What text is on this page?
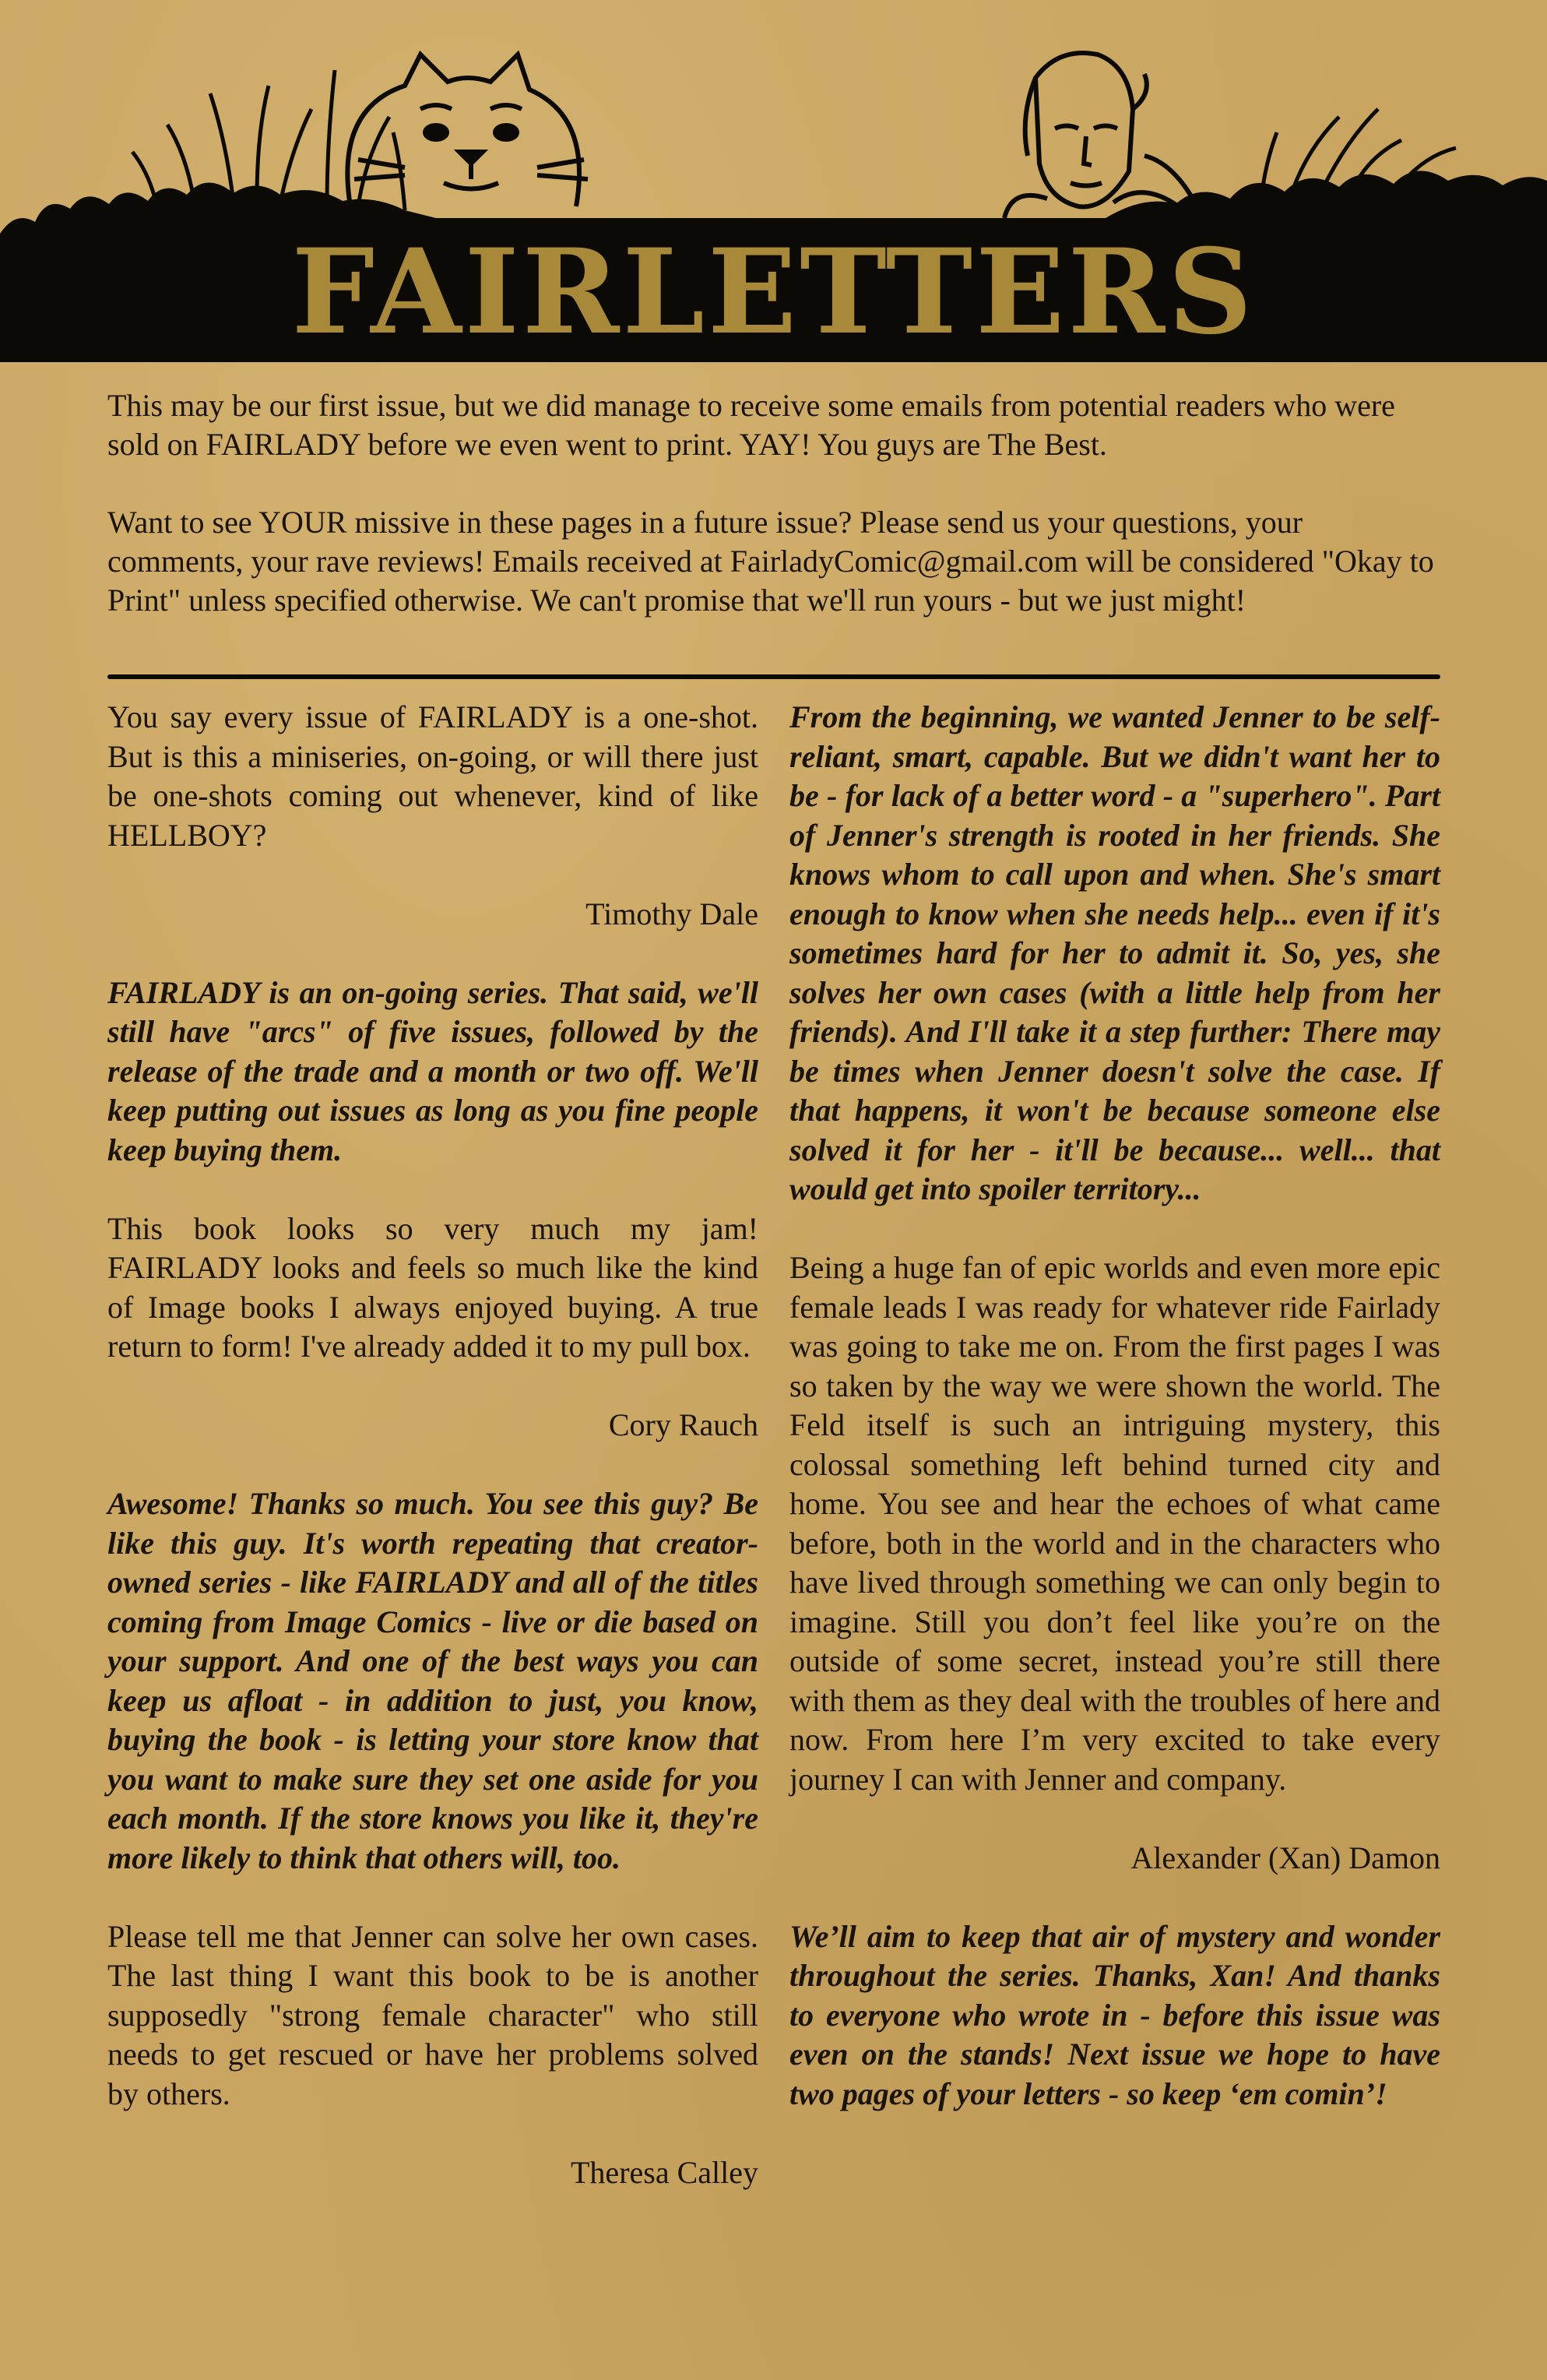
FAIRLETTERS

This may be our first issue, but we did manage to receive some emails from potential readers who were sold on FAIRLADY before we even went to print. YAY! You guys are The Best.

Want to see YOUR missive in these pages in a future issue? Please send us your questions, your comments, your rave reviews! Emails received at FairladyComic@gmail.com will be considered "Okay to Print" unless specified otherwise. We can't promise that we'll run yours - but we just might!

You say every issue of FAIRLADY is a one-shot. But is this a miniseries, on-going, or will there just be one-shots coming out whenever, kind of like HELLBOY?

Timothy Dale

FAIRLADY is an on-going series. That said, we'll still have "arcs" of five issues, followed by the release of the trade and a month or two off. We'll keep putting out issues as long as you fine people keep buying them.

This book looks so very much my jam! FAIRLADY looks and feels so much like the kind of Image books I always enjoyed buying. A true return to form! I've already added it to my pull box.

Cory Rauch

Awesome! Thanks so much. You see this guy? Be like this guy. It's worth repeating that creator-owned series - like FAIRLADY and all of the titles coming from Image Comics - live or die based on your support. And one of the best ways you can keep us afloat - in addition to just, you know, buying the book - is letting your store know that you want to make sure they set one aside for you each month. If the store knows you like it, they're more likely to think that others will, too.

Please tell me that Jenner can solve her own cases. The last thing I want this book to be is another supposedly "strong female character" who still needs to get rescued or have her problems solved by others.

Theresa Calley

From the beginning, we wanted Jenner to be self-reliant, smart, capable. But we didn't want her to be - for lack of a better word - a "superhero". Part of Jenner's strength is rooted in her friends. She knows whom to call upon and when. She's smart enough to know when she needs help... even if it's sometimes hard for her to admit it. So, yes, she solves her own cases (with a little help from her friends). And I'll take it a step further: There may be times when Jenner doesn't solve the case. If that happens, it won't be because someone else solved it for her - it'll be because... well... that would get into spoiler territory...

Being a huge fan of epic worlds and even more epic female leads I was ready for whatever ride Fairlady was going to take me on. From the first pages I was so taken by the way we were shown the world. The Feld itself is such an intriguing mystery, this colossal something left behind turned city and home. You see and hear the echoes of what came before, both in the world and in the characters who have lived through something we can only begin to imagine. Still you don’t feel like you’re on the outside of some secret, instead you’re still there with them as they deal with the troubles of here and now. From here I’m very excited to take every journey I can with Jenner and company.

Alexander (Xan) Damon

We’ll aim to keep that air of mystery and wonder throughout the series. Thanks, Xan! And thanks to everyone who wrote in - before this issue was even on the stands! Next issue we hope to have two pages of your letters - so keep ‘em comin’!
